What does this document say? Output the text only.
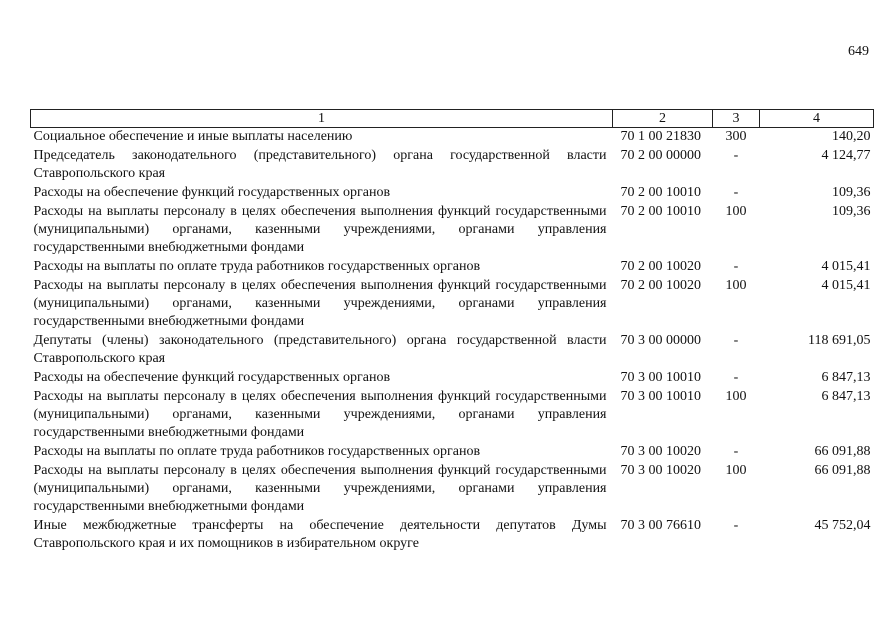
649
1	2	3	4
Социальное обеспечение и иные выплаты населению	70 1 00 21830	300	140,20
Председатель законодательного (представительного) органа государственной власти Ставропольского края	70 2 00 00000	-	4 124,77
Расходы на обеспечение функций государственных органов	70 2 00 10010	-	109,36
Расходы на выплаты персоналу в целях обеспечения выполнения функций государственными (муниципальными) органами, казенными учреждениями, органами управления государственными внебюджетными фондами	70 2 00 10010	100	109,36
Расходы на выплаты по оплате труда работников государственных органов	70 2 00 10020	-	4 015,41
Расходы на выплаты персоналу в целях обеспечения выполнения функций государственными (муниципальными) органами, казенными учреждениями, органами управления государственными внебюджетными фондами	70 2 00 10020	100	4 015,41
Депутаты (члены) законодательного (представительного) органа государственной власти Ставропольского края	70 3 00 00000	-	118 691,05
Расходы на обеспечение функций государственных органов	70 3 00 10010	-	6 847,13
Расходы на выплаты персоналу в целях обеспечения выполнения функций государственными (муниципальными) органами, казенными учреждениями, органами управления государственными внебюджетными фондами	70 3 00 10010	100	6 847,13
Расходы на выплаты по оплате труда работников государственных органов	70 3 00 10020	-	66 091,88
Расходы на выплаты персоналу в целях обеспечения выполнения функций государственными (муниципальными) органами, казенными учреждениями, органами управления государственными внебюджетными фондами	70 3 00 10020	100	66 091,88
Иные межбюджетные трансферты на обеспечение деятельности депутатов Думы Ставропольского края и их помощников в избирательном округе	70 3 00 76610	-	45 752,04
